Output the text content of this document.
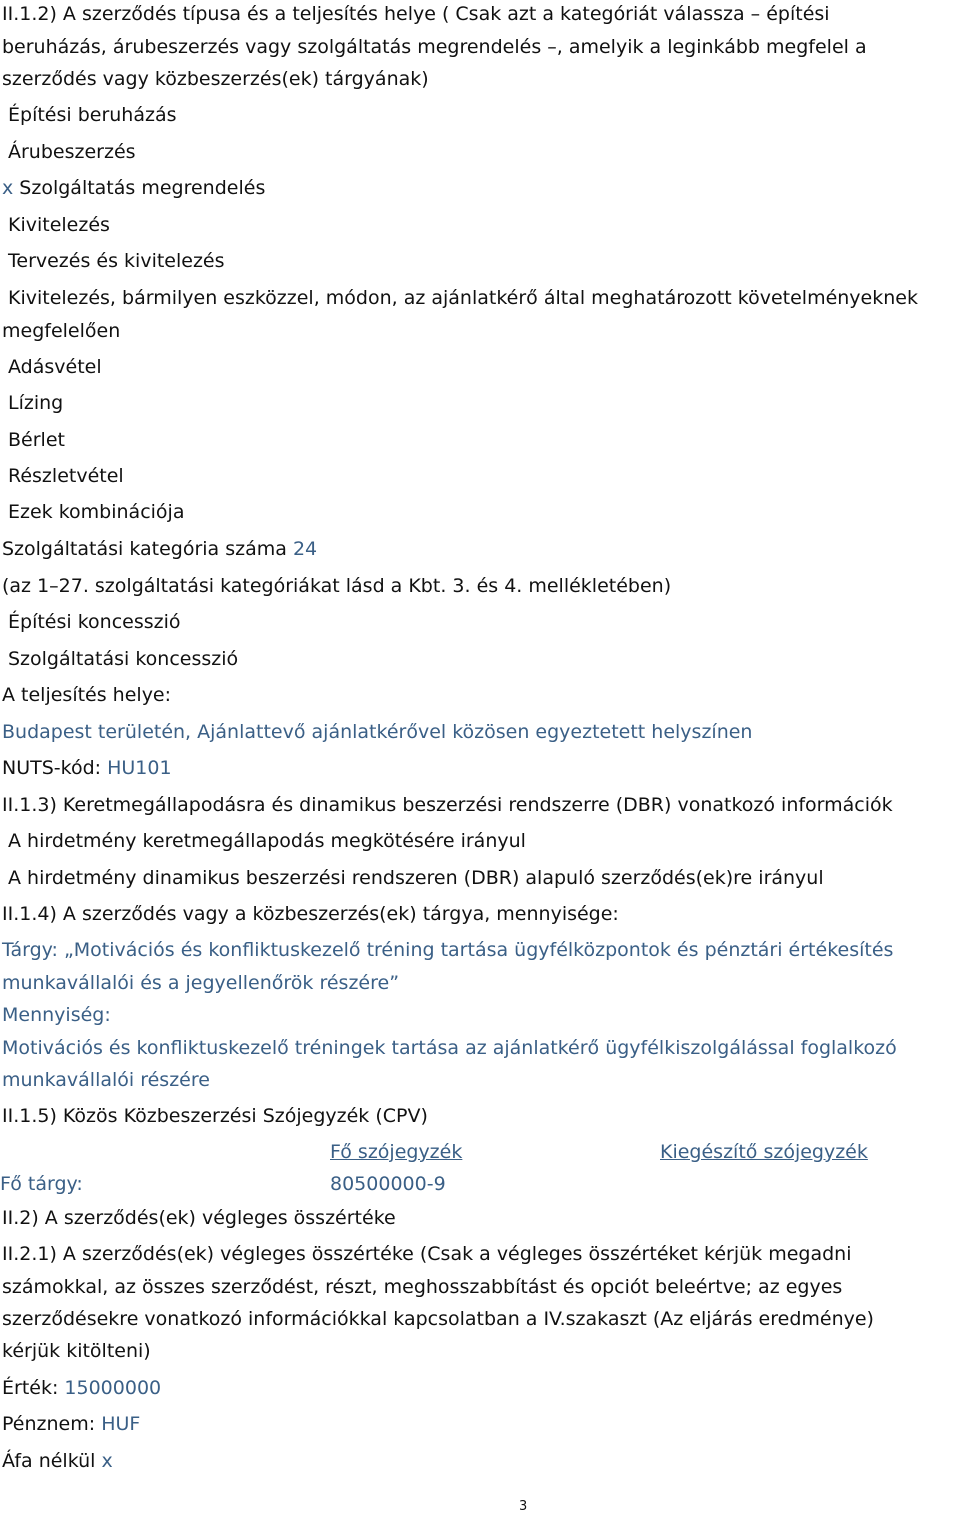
II.1.2) A szerződés típusa és a teljesítés helye ( Csak azt a kategóriát válassza – építési
beruházás, árubeszerzés vagy szolgáltatás megrendelés –, amelyik a leginkább megfelel a
szerződés vagy közbeszerzés(ek) tárgyának)
Építési beruházás
Árubeszerzés
x Szolgáltatás megrendelés
Kivitelezés
Tervezés és kivitelezés
Kivitelezés, bármilyen eszközzel, módon, az ajánlatkérő által meghatározott követelményeknek
megfelelően
Adásvétel
Lízing
Bérlet
Részletvétel
Ezek kombinációja
Szolgáltatási kategória száma 24
(az 1–27. szolgáltatási kategóriákat lásd a Kbt. 3. és 4. mellékletében)
Építési koncesszió
Szolgáltatási koncesszió
A teljesítés helye:
Budapest területén, Ajánlattevő ajánlatkérővel közösen egyeztetett helyszínen
NUTS-kód: HU101
II.1.3) Keretmegállapodásra és dinamikus beszerzési rendszerre (DBR) vonatkozó információk
A hirdetmény keretmegállapodás megkötésére irányul
A hirdetmény dinamikus beszerzési rendszeren (DBR) alapuló szerződés(ek)re irányul
II.1.4) A szerződés vagy a közbeszerzés(ek) tárgya, mennyisége:
Tárgy: „Motivációs és konfliktuskezelő tréning tartása ügyfélközpontok és pénztári értékesítés
munkavállalói és a jegyellenőrök részére”
Mennyiség:
Motivációs és konfliktuskezelő tréningek tartása az ajánlatkérő ügyfélkiszolgálással foglalkozó
munkavállalói részére
II.1.5) Közös Közbeszerzési Szójegyzék (CPV)
Fő szójegyzék	Kiegészítő szójegyzék
Fő tárgy:	80500000-9
II.2) A szerződés(ek) végleges összértéke
II.2.1) A szerződés(ek) végleges összértéke (Csak a végleges összértéket kérjük megadni
számokkal, az összes szerződést, részt, meghosszabbítást és opciót beleértve; az egyes
szerződésekre vonatkozó információkkal kapcsolatban a IV.szakaszt (Az eljárás eredménye)
kérjük kitölteni)
Érték: 15000000
Pénznem: HUF
Áfa nélkül x
3
